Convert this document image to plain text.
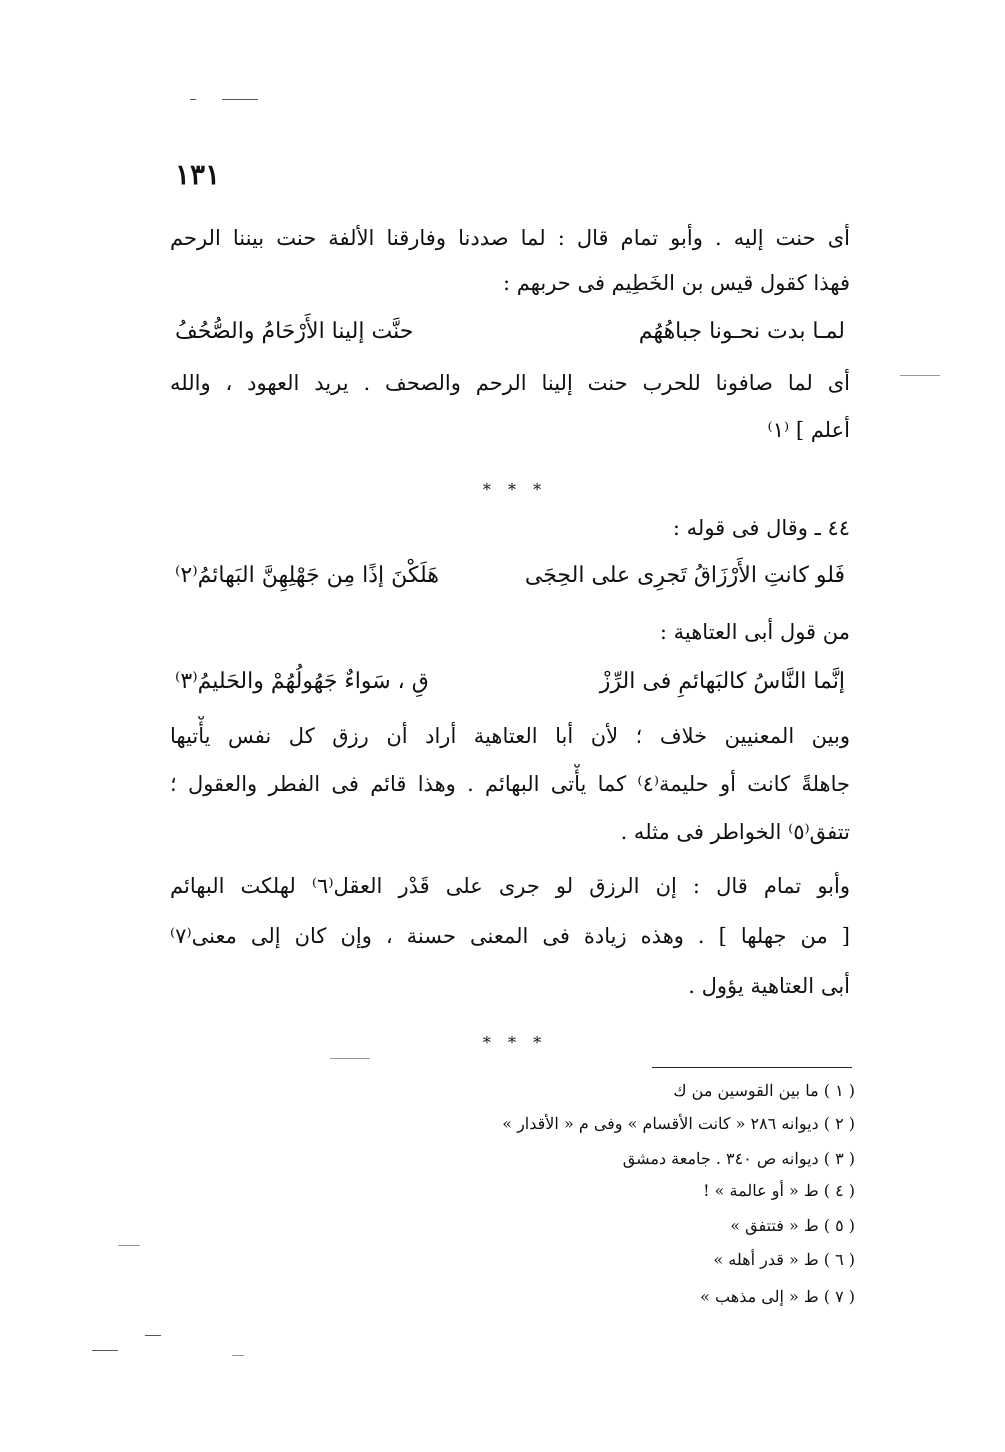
١٣١
أى حنت إليه . وأبو تمام قال : لما صددنا وفارقنا الألفة حنت بيننا الرحم
فهذا كقول قيس بن الخَطِيم فى حربهم :
لمـا بدت نحـونا جباهُهُم
حنَّت إلينا الأَرْحَامُ والصُّحُفُ
أى لما صافونا للحرب حنت إلينا الرحم والصحف . يريد العهود ، والله
أعلم ] ⁽١⁾
* * *
٤٤ ـ وقال فى قوله :
فَلو كانتِ الأَرْزَاقُ تَجرِى على الحِجَى
هَلَكْنَ إذًا مِن جَهْلِهِنَّ البَهائمُ⁽٢⁾
من قول أبى العتاهية :
إنَّما النَّاسُ كالبَهائمِ فى الرِّزْ
قِ ، سَواءٌ جَهُولُهُمْ والحَليمُ⁽٣⁾
وبين المعنيين خلاف ؛ لأن أبا العتاهية أراد أن رزق كل نفس يأْتيها
جاهلةً كانت أو حليمة⁽٤⁾ كما يأْتى البهائم . وهذا قائم فى الفطر والعقول ؛
تتفق⁽٥⁾ الخواطر فى مثله .
وأبو تمام قال : إن الرزق لو جرى على قَدْر العقل⁽٦⁾ لهلكت البهائم
[ من جهلها ] . وهذه زيادة فى المعنى حسنة ، وإن كان إلى معنى⁽٧⁾
أبى العتاهية يؤول .
* * *
( ١ ) ما بين القوسين من ك
( ٢ ) ديوانه ٢٨٦ « كانت الأقسام » وفى م « الأقدار »
( ٣ ) ديوانه ص ٣٤٠ . جامعة دمشق
( ٤ ) ط « أو عالمة » !
( ٥ ) ط « فتتفق »
( ٦ ) ط « قدر أهله »
( ٧ ) ط « إلى مذهب »
